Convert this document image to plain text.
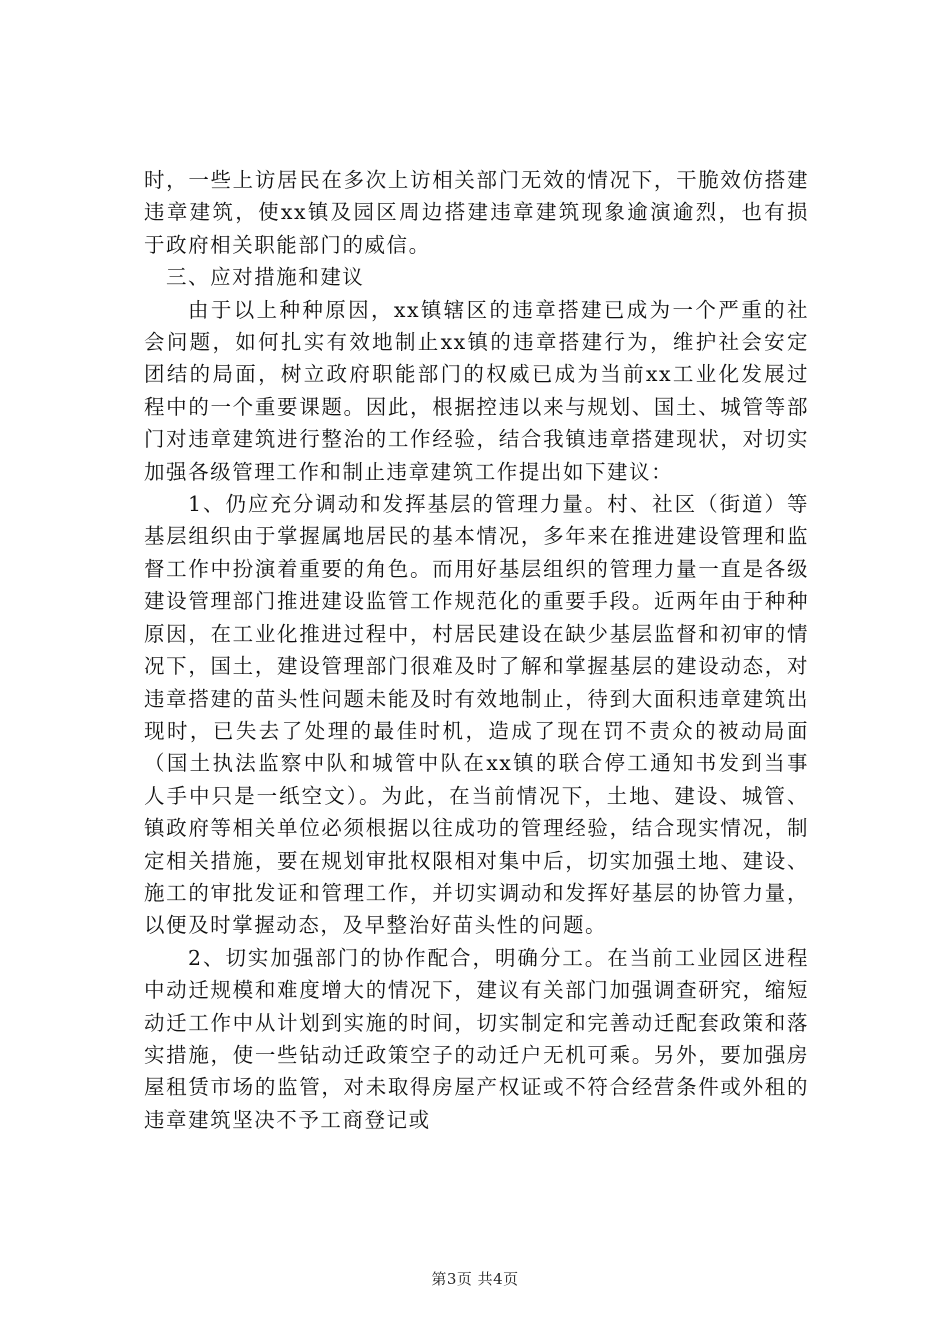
时，一些上访居民在多次上访相关部门无效的情况下，干脆效仿搭建违章建筑，使xx镇及园区周边搭建违章建筑现象逾演逾烈，也有损于政府相关职能部门的威信。

三、应对措施和建议

由于以上种种原因，xx镇辖区的违章搭建已成为一个严重的社会问题，如何扎实有效地制止xx镇的违章搭建行为，维护社会安定团结的局面，树立政府职能部门的权威已成为当前xx工业化发展过程中的一个重要课题。因此，根据控违以来与规划、国土、城管等部门对违章建筑进行整治的工作经验，结合我镇违章搭建现状，对切实加强各级管理工作和制止违章建筑工作提出如下建议：

1、仍应充分调动和发挥基层的管理力量。村、社区（街道）等基层组织由于掌握属地居民的基本情况，多年来在推进建设管理和监督工作中扮演着重要的角色。而用好基层组织的管理力量一直是各级建设管理部门推进建设监管工作规范化的重要手段。近两年由于种种原因，在工业化推进过程中，村居民建设在缺少基层监督和初审的情况下，国土，建设管理部门很难及时了解和掌握基层的建设动态，对违章搭建的苗头性问题未能及时有效地制止，待到大面积违章建筑出现时，已失去了处理的最佳时机，造成了现在罚不责众的被动局面（国土执法监察中队和城管中队在xx镇的联合停工通知书发到当事人手中只是一纸空文）。为此，在当前情况下，土地、建设、城管、镇政府等相关单位必须根据以往成功的管理经验，结合现实情况，制定相关措施，要在规划审批权限相对集中后，切实加强土地、建设、施工的审批发证和管理工作，并切实调动和发挥好基层的协管力量，以便及时掌握动态，及早整治好苗头性的问题。

2、切实加强部门的协作配合，明确分工。在当前工业园区进程中动迁规模和难度增大的情况下，建议有关部门加强调查研究，缩短动迁工作中从计划到实施的时间，切实制定和完善动迁配套政策和落实措施，使一些钻动迁政策空子的动迁户无机可乘。另外，要加强房屋租赁市场的监管，对未取得房屋产权证或不符合经营条件或外租的违章建筑坚决不予工商登记或

第3页 共4页
